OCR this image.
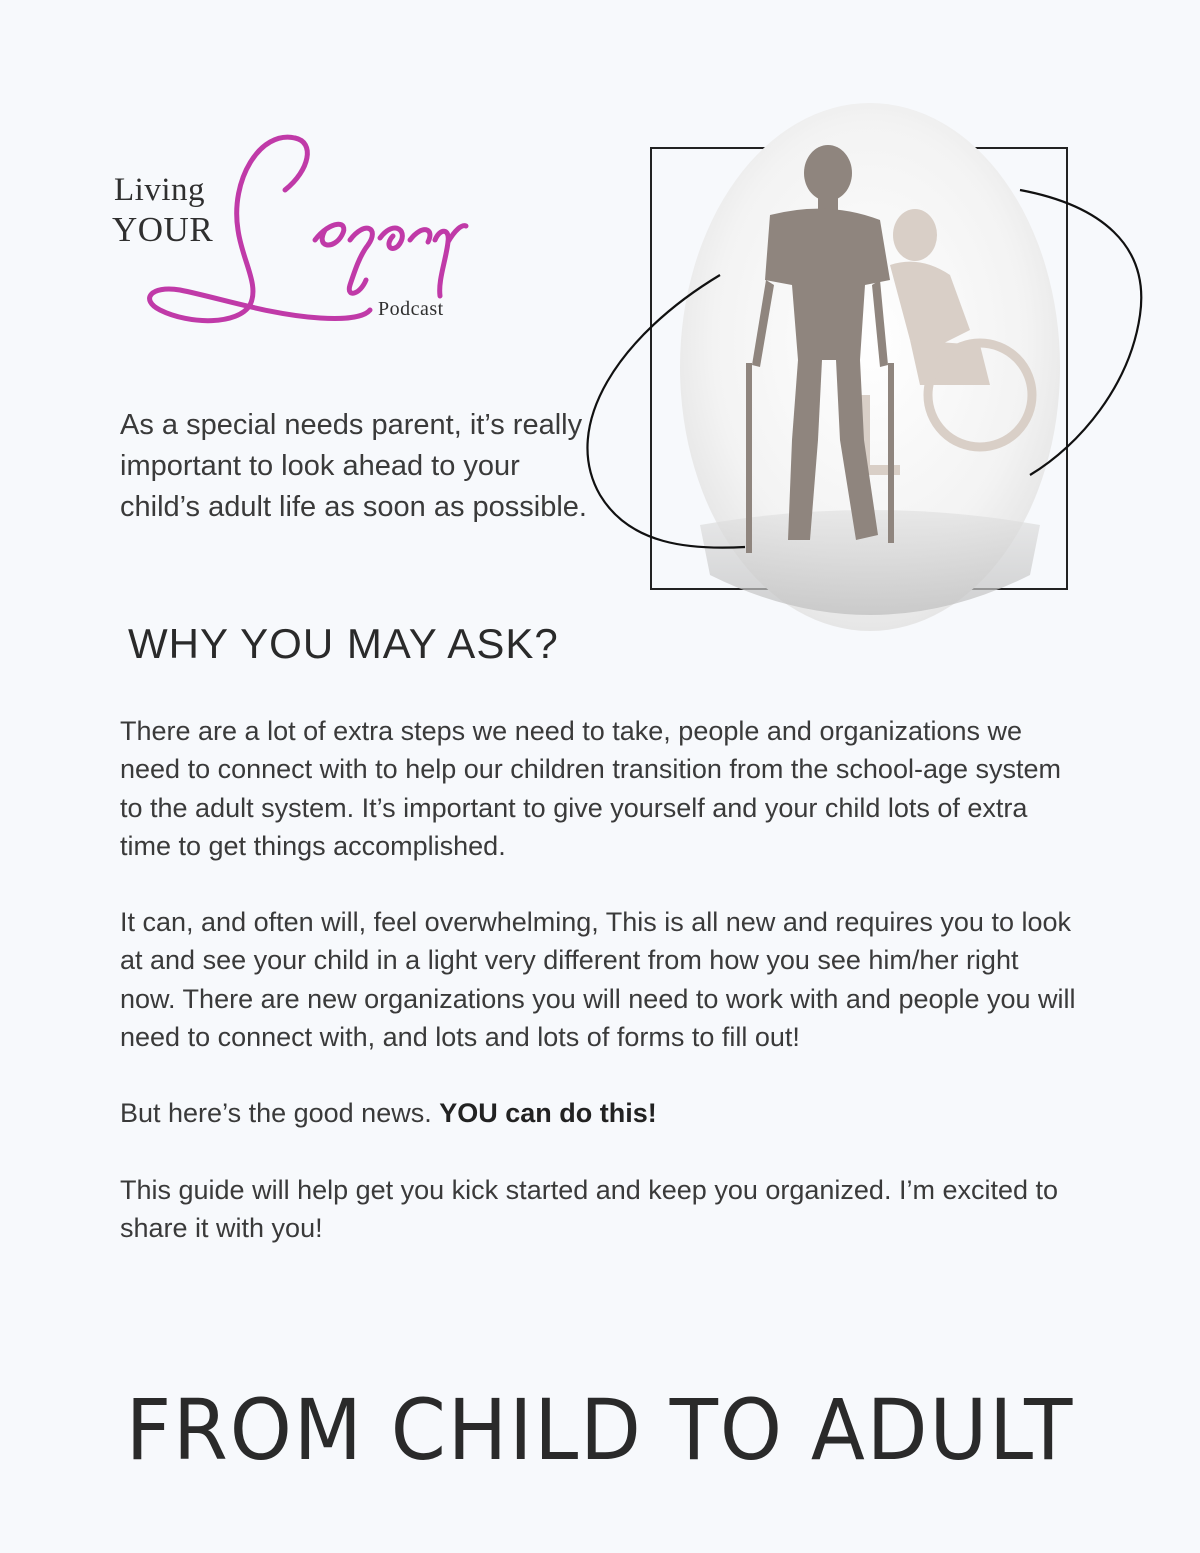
Living
YOUR
Podcast

As a special needs parent, it’s really important to look ahead to your child’s adult life as soon as possible.

WHY YOU MAY ASK?

There are a lot of extra steps we need to take, people and organizations we need to connect with to help our children transition from the school-age system to the adult system. It’s important to give yourself and your child lots of extra time to get things accomplished.

It can, and often will, feel overwhelming, This is all new and requires you to look at and see your child in a light very different from how you see him/her right now. There are new organizations you will need to work with and people you will need to connect with, and lots and lots of forms to fill out!

But here’s the good news. YOU can do this!

This guide will help get you kick started and keep you organized. I’m excited to share it with you!

FROM CHILD TO ADULT
